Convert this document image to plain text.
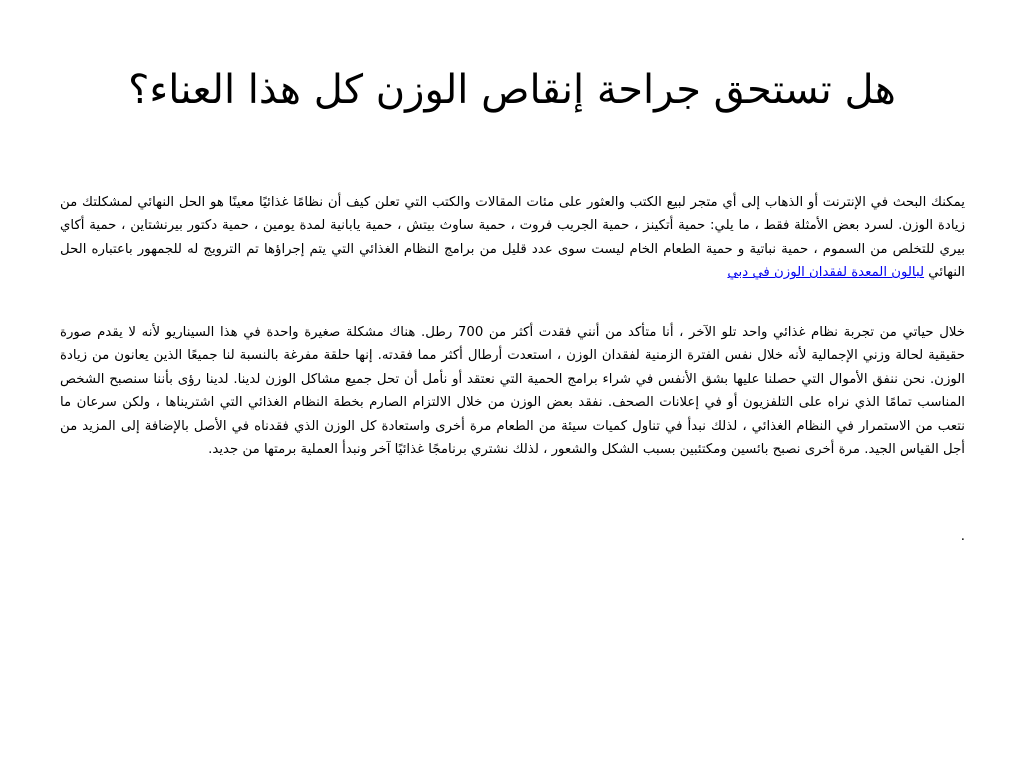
هل تستحق جراحة إنقاص الوزن كل هذا العناء؟

يمكنك البحث في الإنترنت أو الذهاب إلى أي متجر لبيع الكتب والعثور على مئات المقالات والكتب التي تعلن كيف أن نظامًا غذائيًا معينًا هو الحل النهائي لمشكلتك من زيادة الوزن. لسرد بعض الأمثلة فقط ، ما يلي: حمية أتكينز ، حمية الجريب فروت ، حمية ساوث بيتش ، حمية يابانية لمدة يومين ، حمية دكتور بيرنشتاين ، حمية أكاي بيري للتخلص من السموم ، حمية نباتية و حمية الطعام الخام ليست سوى عدد قليل من برامج النظام الغذائي التي يتم إجراؤها تم الترويج له للجمهور باعتباره الحل النهائي لبالون المعدة لفقدان الوزن في دبي

خلال حياتي من تجربة نظام غذائي واحد تلو الآخر ، أنا متأكد من أنني فقدت أكثر من 700 رطل. هناك مشكلة صغيرة واحدة في هذا السيناريو لأنه لا يقدم صورة حقيقية لحالة وزني الإجمالية لأنه خلال نفس الفترة الزمنية لفقدان الوزن ، استعدت أرطال أكثر مما فقدته. إنها حلقة مفرغة بالنسبة لنا جميعًا الذين يعانون من زيادة الوزن. نحن ننفق الأموال التي حصلنا عليها بشق الأنفس في شراء برامج الحمية التي نعتقد أو نأمل أن تحل جميع مشاكل الوزن لدينا. لدينا رؤى بأننا سنصبح الشخص المناسب تمامًا الذي نراه على التلفزيون أو في إعلانات الصحف. نفقد بعض الوزن من خلال الالتزام الصارم بخطة النظام الغذائي التي اشتريناها ، ولكن سرعان ما نتعب من الاستمرار في النظام الغذائي ، لذلك نبدأ في تناول كميات سيئة من الطعام مرة أخرى واستعادة كل الوزن الذي فقدناه في الأصل بالإضافة إلى المزيد من أجل القياس الجيد. مرة أخرى نصبح بائسين ومكتئبين بسبب الشكل والشعور ، لذلك نشتري برنامجًا غذائيًا آخر ونبدأ العملية برمتها من جديد.

.
